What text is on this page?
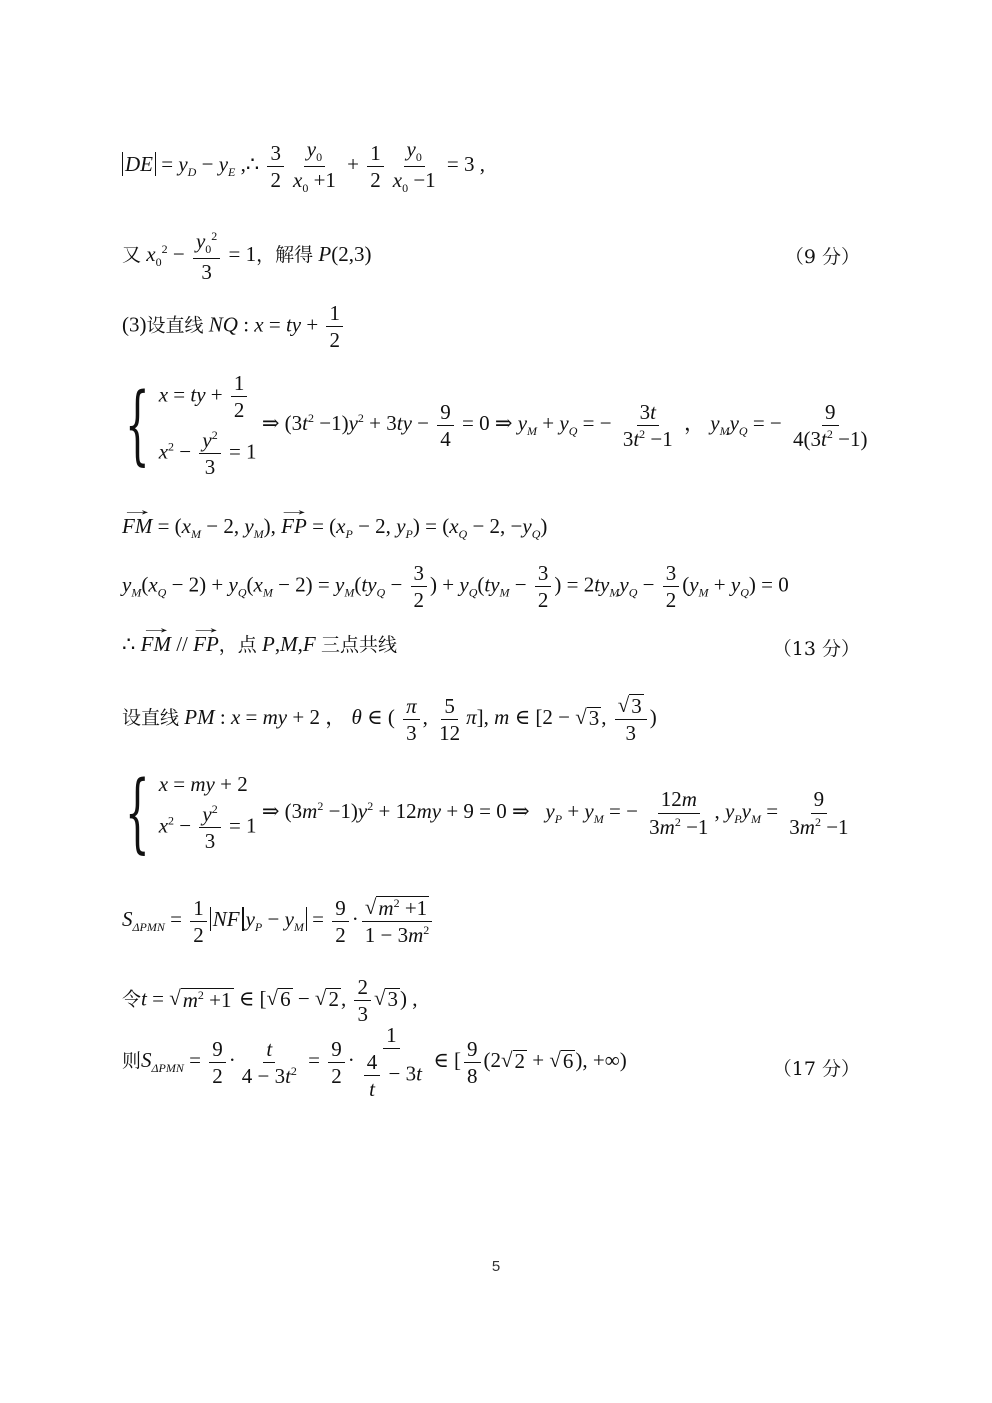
DE = $y_D - y_E$ ,∴ $\frac{3}{2} \frac{y_0}{x_0 +1} + \frac{1}{2} \frac{y_0}{x_0 -1} = 3$ ,
又 $x_0^2 - \frac{y_0^2}{3} = 1$，解得 P(2,3)	（9 分）
(3)设直线 NQ : x = ty + $\frac{1}{2}$
{ x = ty + $\frac{1}{2}$
$x^2 - \frac{y^2}{3} = 1$
⇒ $(3t^2 -1)y^2 + 3ty - \frac{9}{4} = 0$ ⇒ $y_M + y_Q$ = − $\frac{3t}{3t^2 -1}$ ， $y_My_Q$ = − $\frac{9}{4(3t^2 -1)}$
→ FM = ($x_M - 2$, $y_M$), → FP = ($x_P - 2$, $y_P) = (x_Q - 2$, $-y_Q$)
$y_M(x_Q - 2) + y_Q(x_M - 2) = y_M(ty_Q - \frac{3}{2}$ ) + $y_Q(ty_M - \frac{3}{2}$ ) = $2ty_My_Q - \frac{3}{2} (y_M + y_Q) = 0$
∴ → FM // → FP，点 P,M,F 三点共线	（13 分）
设直线 PM : x = my + 2 ， θ ∈ ( $\frac{\pi}{3}$ , $\frac{5}{12} \pi$], m ∈ [2 − √ 3 , $\frac{√ 3}{3}$ )
{ x = my + 2
$x^2 - \frac{y^2}{3} = 1$
⇒ $(3m^2 -1)y^2 + 12my + 9 = 0$ ⇒   $y_P + y_M$ = − $\frac{12m}{3m^2 -1}$ , $y_Py_M = \frac{9}{3m^2 -1}$
$S_{\Delta PMN} = \frac{1}{2}$ NF $y_P - y_M = \frac{9}{2} \cdot \frac{√ m^2 +1}{1 - 3m^2}$
令t = √ $m^2 +1$ ∈ [√ 6 − √ 2 , $\frac{2}{3}$ √ 3 ) ,
则$S_{\Delta PMN} = \frac{9}{2} \cdot \frac{t}{4 - 3t^2} = \frac{9}{2} \cdot \frac{1}{\frac{4}{t} - 3t}$ ∈ [ $\frac{9}{8} (2√$ 2 + √ 6 ), +∞)	（17 分）
5
